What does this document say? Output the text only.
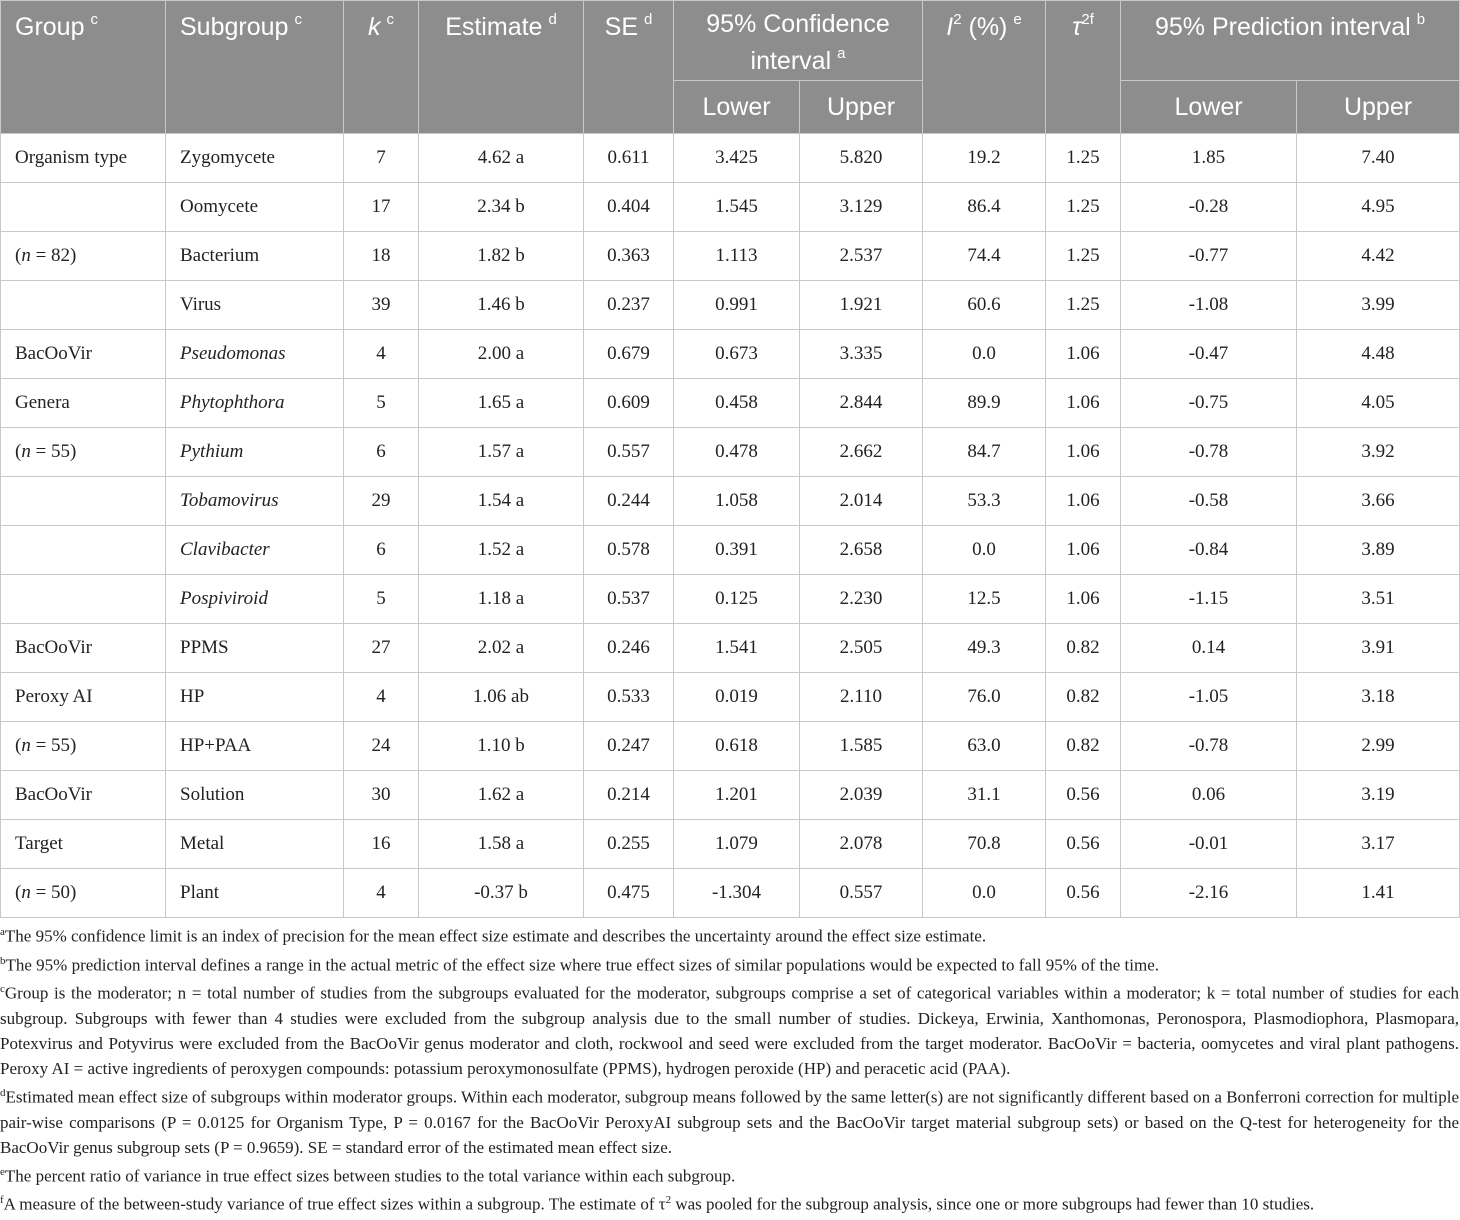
Group $^c$	Subgroup $^c$	k $^c$	Estimate $^d$	SE $^d$	95% Confidence interval $^a$		$I^2$ (%) $^e$	$\tau^{2f}$	95% Prediction interval $^b$
					Lower	Upper			Lower	Upper
Organism type	Zygomycete	7	4.62 a	0.611	3.425	5.820	19.2	1.25	1.85	7.40
	Oomycete	17	2.34 b	0.404	1.545	3.129	86.4	1.25	-0.28	4.95
(n = 82)	Bacterium	18	1.82 b	0.363	1.113	2.537	74.4	1.25	-0.77	4.42
	Virus	39	1.46 b	0.237	0.991	1.921	60.6	1.25	-1.08	3.99
BacOoVir	Pseudomonas	4	2.00 a	0.679	0.673	3.335	0.0	1.06	-0.47	4.48
Genera	Phytophthora	5	1.65 a	0.609	0.458	2.844	89.9	1.06	-0.75	4.05
(n = 55)	Pythium	6	1.57 a	0.557	0.478	2.662	84.7	1.06	-0.78	3.92
	Tobamovirus	29	1.54 a	0.244	1.058	2.014	53.3	1.06	-0.58	3.66
	Clavibacter	6	1.52 a	0.578	0.391	2.658	0.0	1.06	-0.84	3.89
	Pospiviroid	5	1.18 a	0.537	0.125	2.230	12.5	1.06	-1.15	3.51
BacOoVir	PPMS	27	2.02 a	0.246	1.541	2.505	49.3	0.82	0.14	3.91
Peroxy AI	HP	4	1.06 ab	0.533	0.019	2.110	76.0	0.82	-1.05	3.18
(n = 55)	HP+PAA	24	1.10 b	0.247	0.618	1.585	63.0	0.82	-0.78	2.99
BacOoVir	Solution	30	1.62 a	0.214	1.201	2.039	31.1	0.56	0.06	3.19
Target	Metal	16	1.58 a	0.255	1.079	2.078	70.8	0.56	-0.01	3.17
(n = 50)	Plant	4	-0.37 b	0.475	-1.304	0.557	0.0	0.56	-2.16	1.41

$^a$The 95% confidence limit is an index of precision for the mean effect size estimate and describes the uncertainty around the effect size estimate.

$^b$The 95% prediction interval defines a range in the actual metric of the effect size where true effect sizes of similar populations would be expected to fall 95% of the time.

$^c$Group is the moderator; n = total number of studies from the subgroups evaluated for the moderator, subgroups comprise a set of categorical variables within a moderator; k = total number of studies for each subgroup. Subgroups with fewer than 4 studies were excluded from the subgroup analysis due to the small number of studies. Dickeya, Erwinia, Xanthomonas, Peronospora, Plasmodiophora, Plasmopara, Potexvirus and Potyvirus were excluded from the BacOoVir genus moderator and cloth, rockwool and seed were excluded from the target moderator. BacOoVir = bacteria, oomycetes and viral plant pathogens. Peroxy AI = active ingredients of peroxygen compounds: potassium peroxymonosulfate (PPMS), hydrogen peroxide (HP) and peracetic acid (PAA).

$^d$Estimated mean effect size of subgroups within moderator groups. Within each moderator, subgroup means followed by the same letter(s) are not significantly different based on a Bonferroni correction for multiple pair-wise comparisons (P = 0.0125 for Organism Type, P = 0.0167 for the BacOoVir PeroxyAI subgroup sets and the BacOoVir target material subgroup sets) or based on the Q-test for heterogeneity for the BacOoVir genus subgroup sets (P = 0.9659). SE = standard error of the estimated mean effect size.

$^e$The percent ratio of variance in true effect sizes between studies to the total variance within each subgroup.

$^f$A measure of the between-study variance of true effect sizes within a subgroup. The estimate of $\tau^2$ was pooled for the subgroup analysis, since one or more subgroups had fewer than 10 studies.
